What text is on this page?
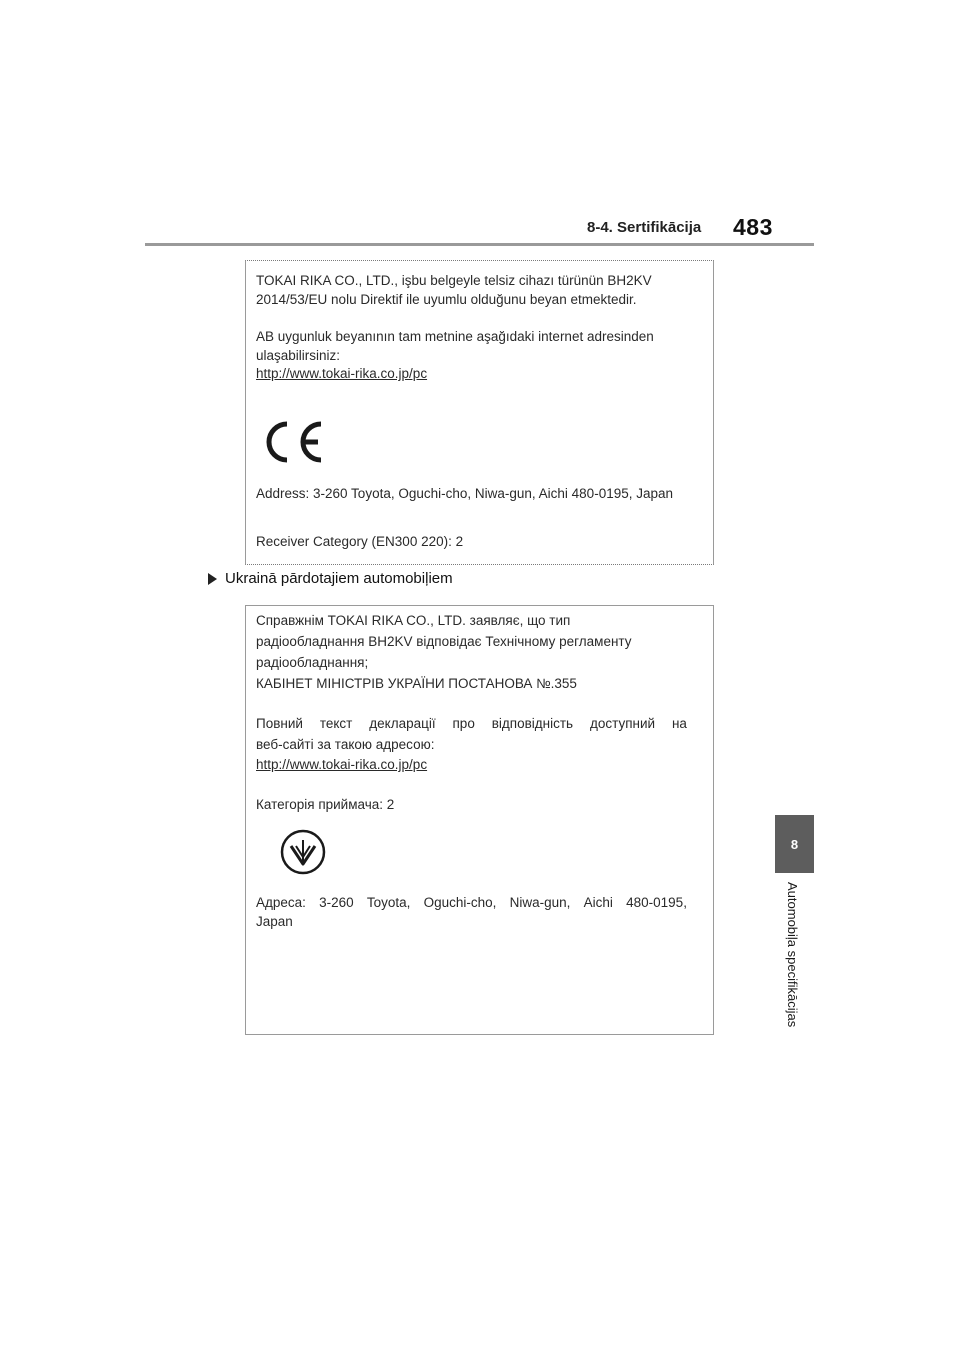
8-4. Sertifikācija 483
8
Automobiļa specifikācijas
TOKAI RIKA CO., LTD., işbu belgeyle telsiz cihazı türünün BH2KV
2014/53/EU nolu Direktif ile uyumlu olduğunu beyan etmektedir.
AB uygunluk beyanının tam metnine aşağıdaki internet adresinden
ulaşabilirsiniz:
http://www.tokai-rika.co.jp/pc
Address: 3-260 Toyota, Oguchi-cho, Niwa-gun, Aichi 480-0195, Japan
Receiver Category (EN300 220): 2
Ukrainā pārdotajiem automobiļiem
Справжнім TOKAI RIKA CO., LTD. заявляє, що тип
радіообладнання BH2KV відповідає Технічному регламенту
радіообладнання;
КАБІНЕТ МІНІСТРІВ УКРАЇНИ ПОСТАНОВА №.355
Повний текст декларації про відповідність доступний на
веб-сайті за такою адресою:
http://www.tokai-rika.co.jp/pc
Категорія приймача: 2
Адреса: 3-260 Toyota, Oguchi-cho, Niwa-gun, Aichi 480-0195,
Japan
